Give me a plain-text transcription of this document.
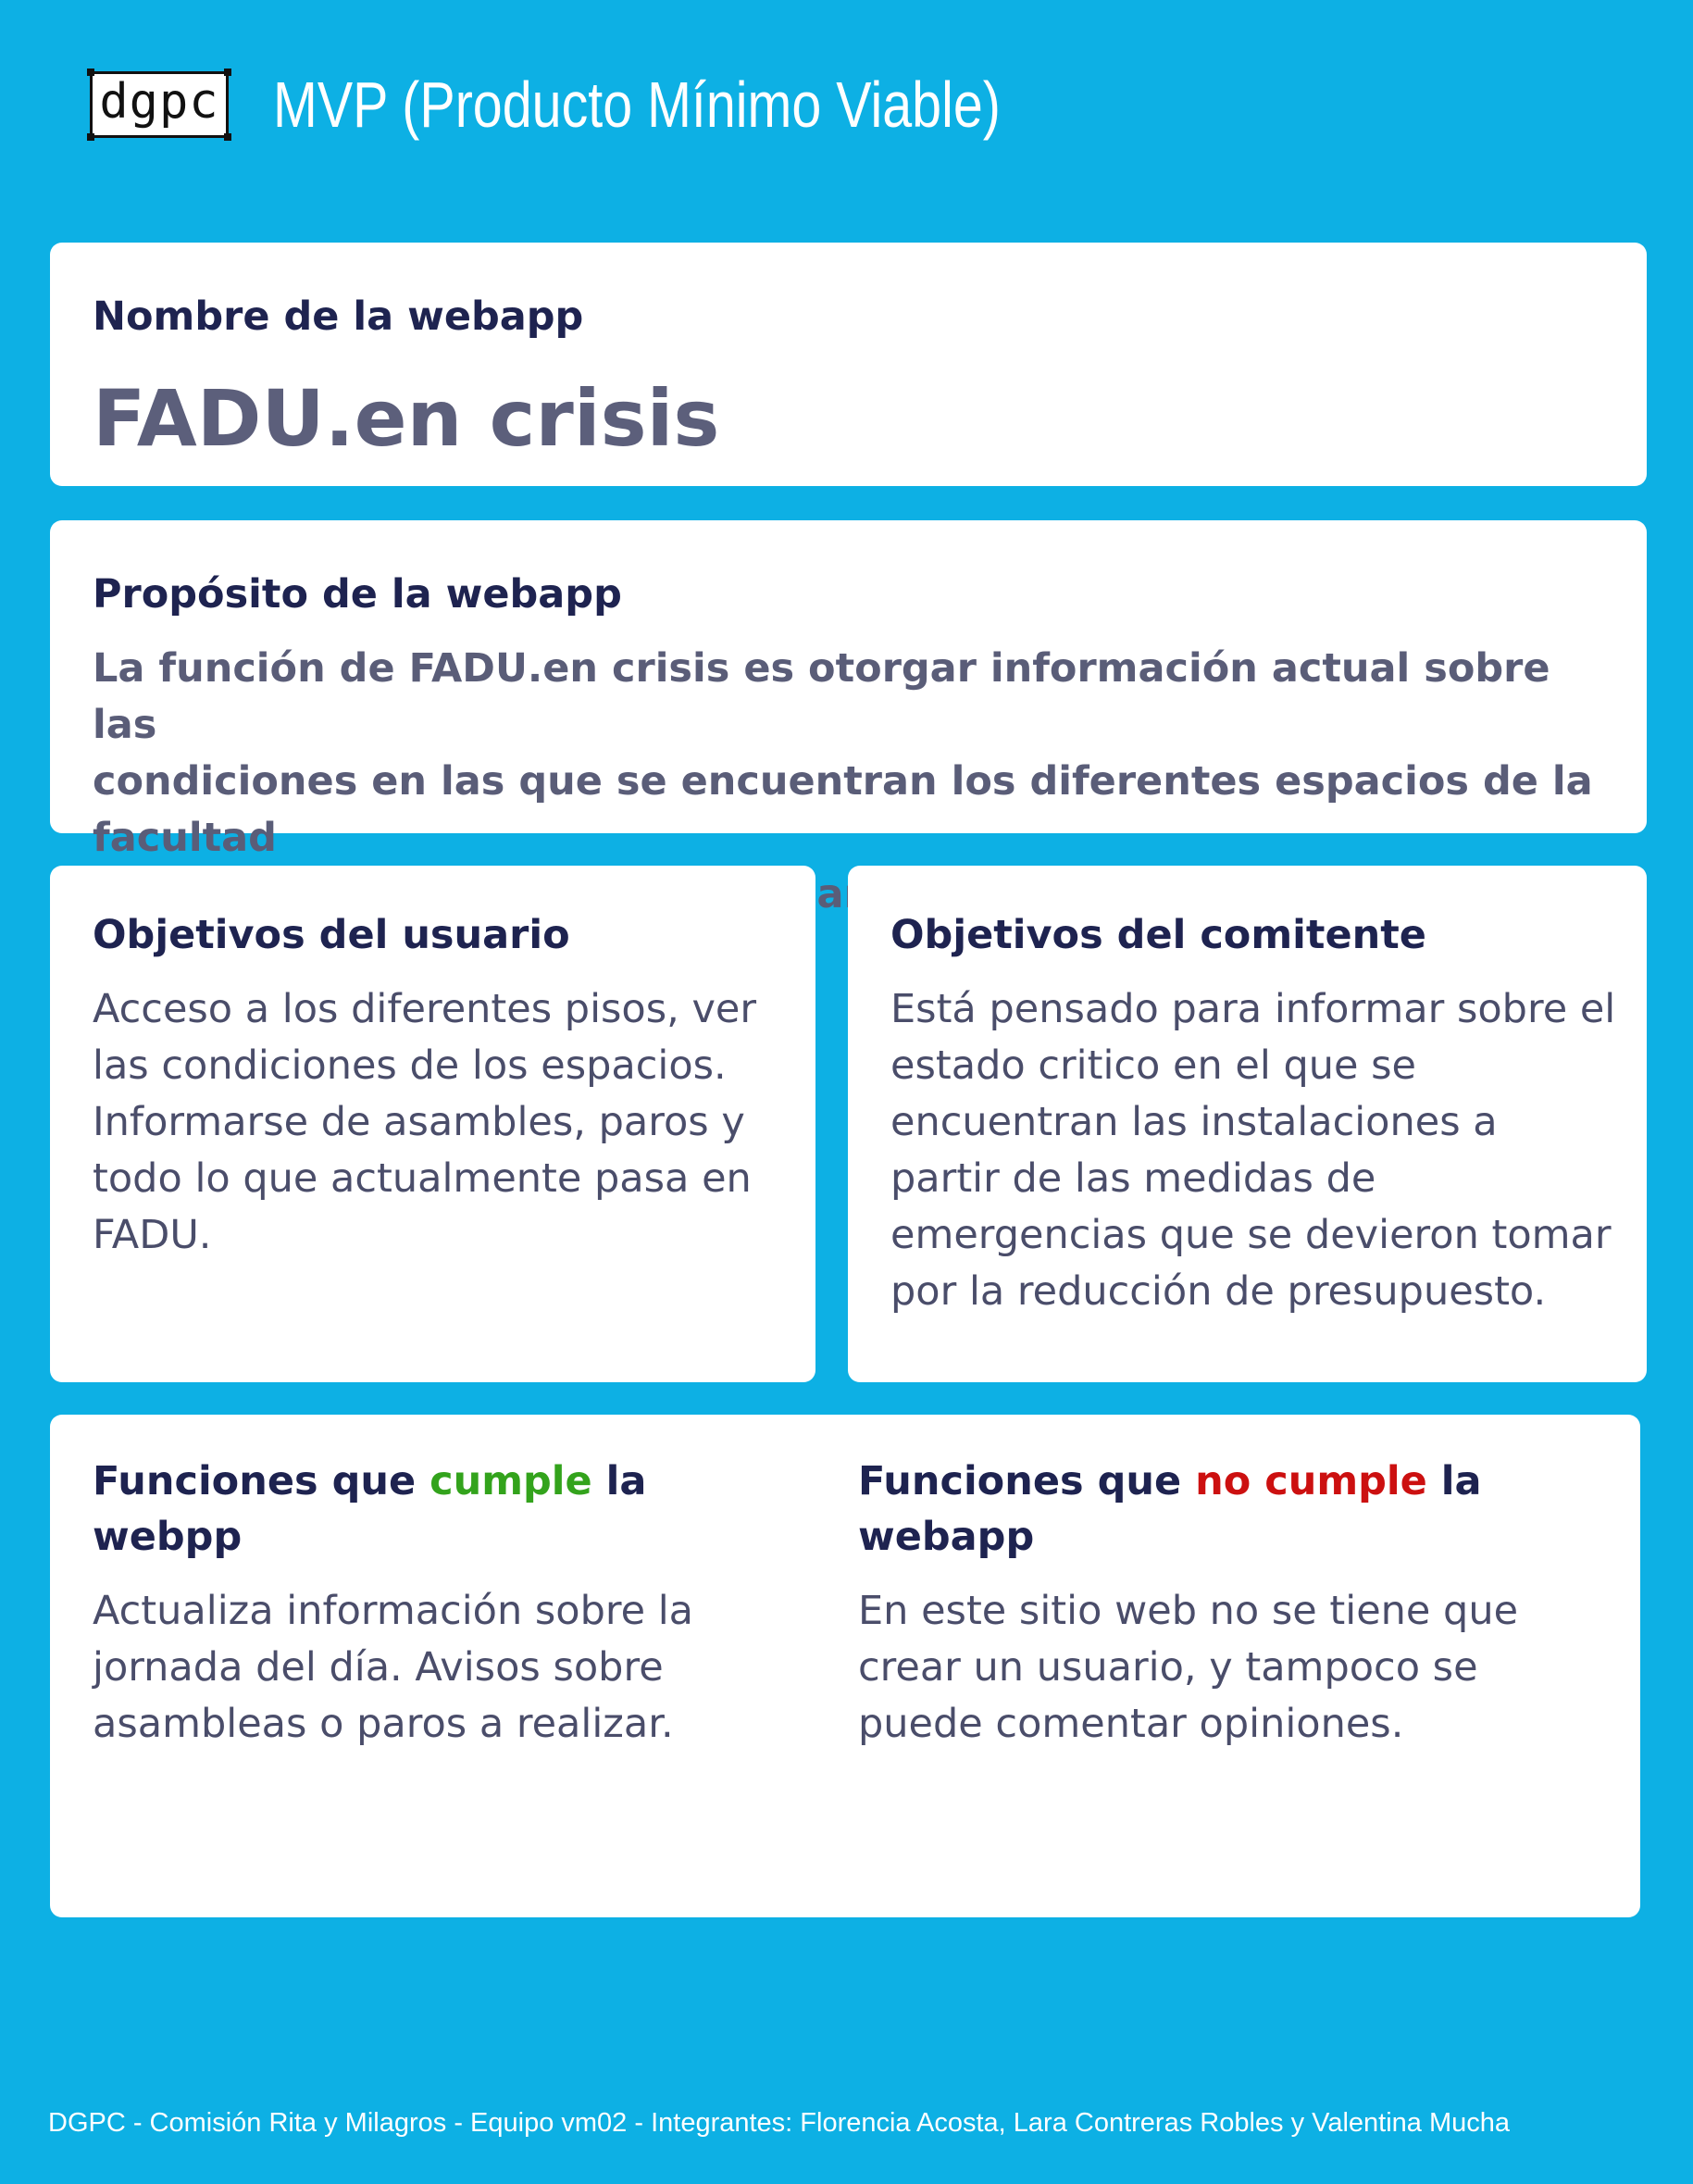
dgpc MVP (Producto Mínimo Viable)

Nombre de la webapp

FADU.en crisis

Propósito de la webapp

La función de FADU.en crisis es otorgar información actual sobre las
condiciones en las que se encuentran los diferentes espacios de la facultad

Objetivos del usuario

Acceso a los diferentes pisos, ver
las condiciones de los espacios.
Informarse de asambles, paros y
todo lo que actualmente pasa en
FADU.

Objetivos del comitente

Está pensado para informar sobre el
estado critico en el que se
encuentran las instalaciones a
partir de las medidas de
emergencias que se devieron tomar
por la reducción de presupuesto.

Funciones que cumple la webpp

Actualiza información sobre la
jornada del día. Avisos sobre
asambleas o paros a realizar.

Funciones que no cumple la
webapp

En este sitio web no se tiene que
crear un usuario, y tampoco se
puede comentar opiniones.

DGPC - Comisión Rita y Milagros - Equipo vm02 - Integrantes: Florencia Acosta, Lara Contreras Robles y Valentina Mucha
